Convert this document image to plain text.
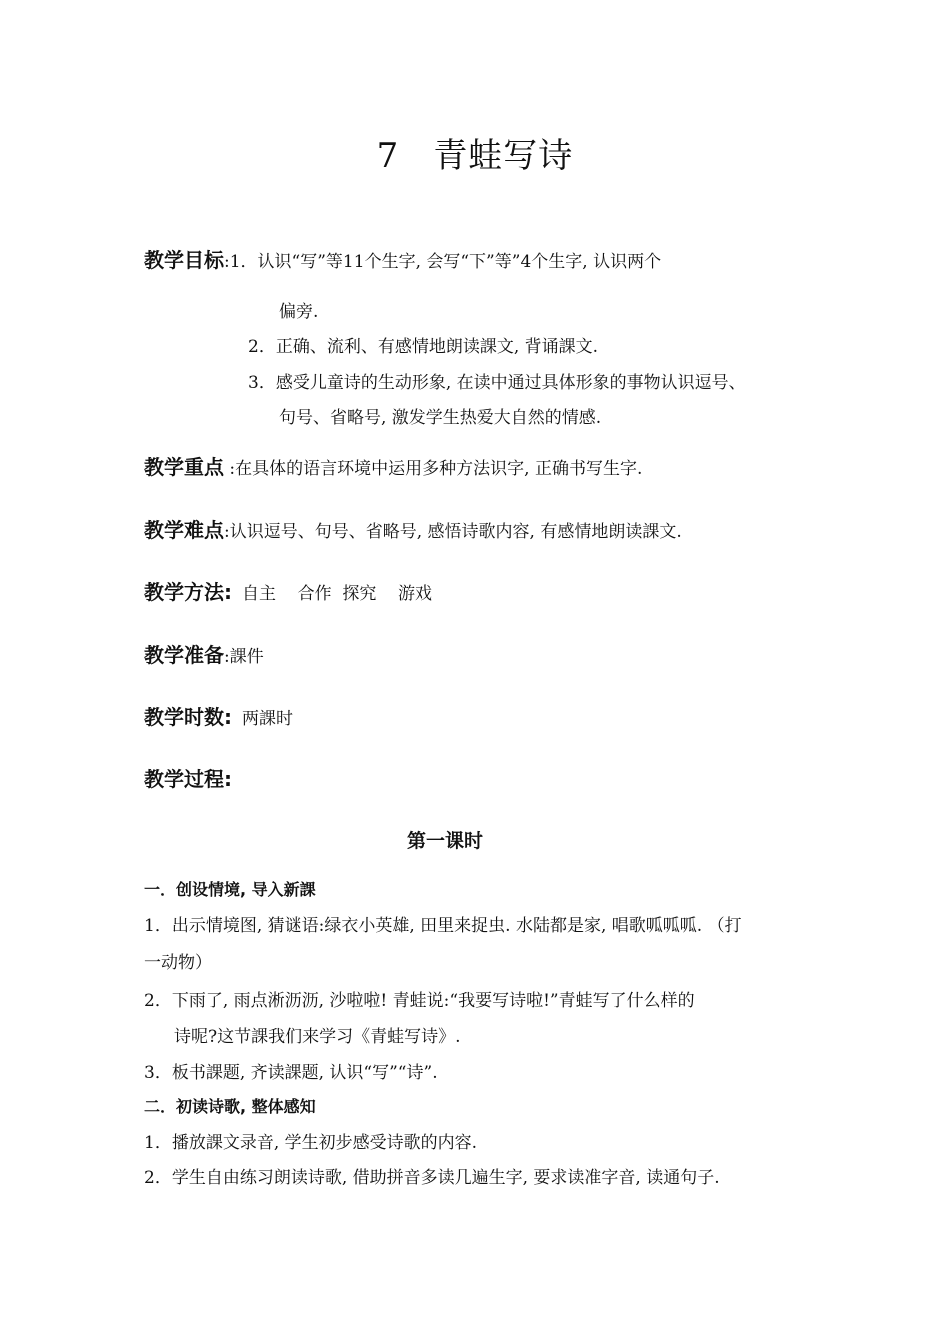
7 青蛙写诗
教学目标:1．认识“写”等11个生字, 会写“下”等”4个生字, 认识两个
偏旁.
2．正确、流利、有感情地朗读課文, 背诵課文.
3．感受儿童诗的生动形象, 在读中通过具体形象的事物认识逗号、
句号、省略号, 激发学生热爱大自然的情感.
教学重点 :在具体的语言环境中运用多种方法识字, 正确书写生字.
教学难点:认识逗号、句号、省略号, 感悟诗歌内容, 有感情地朗读課文.
教学方法: 自主    合作  探究    游戏
教学准备:課件
教学时数: 两課时
教学过程:
第一课时
一．创设情境, 导入新課
1．出示情境图, 猜谜语:绿衣小英雄, 田里来捉虫. 水陆都是家, 唱歌呱呱呱. （打
一动物）
2．下雨了, 雨点淅沥沥, 沙啦啦! 青蛙说:“我要写诗啦!”青蛙写了什么样的
诗呢?这节課我们来学习《青蛙写诗》.
3．板书課题, 齐读課题, 认识“写”“诗”.
二．初读诗歌, 整体感知
1．播放課文录音, 学生初步感受诗歌的内容.
2．学生自由练习朗读诗歌, 借助拼音多读几遍生字, 要求读准字音, 读通句子.
